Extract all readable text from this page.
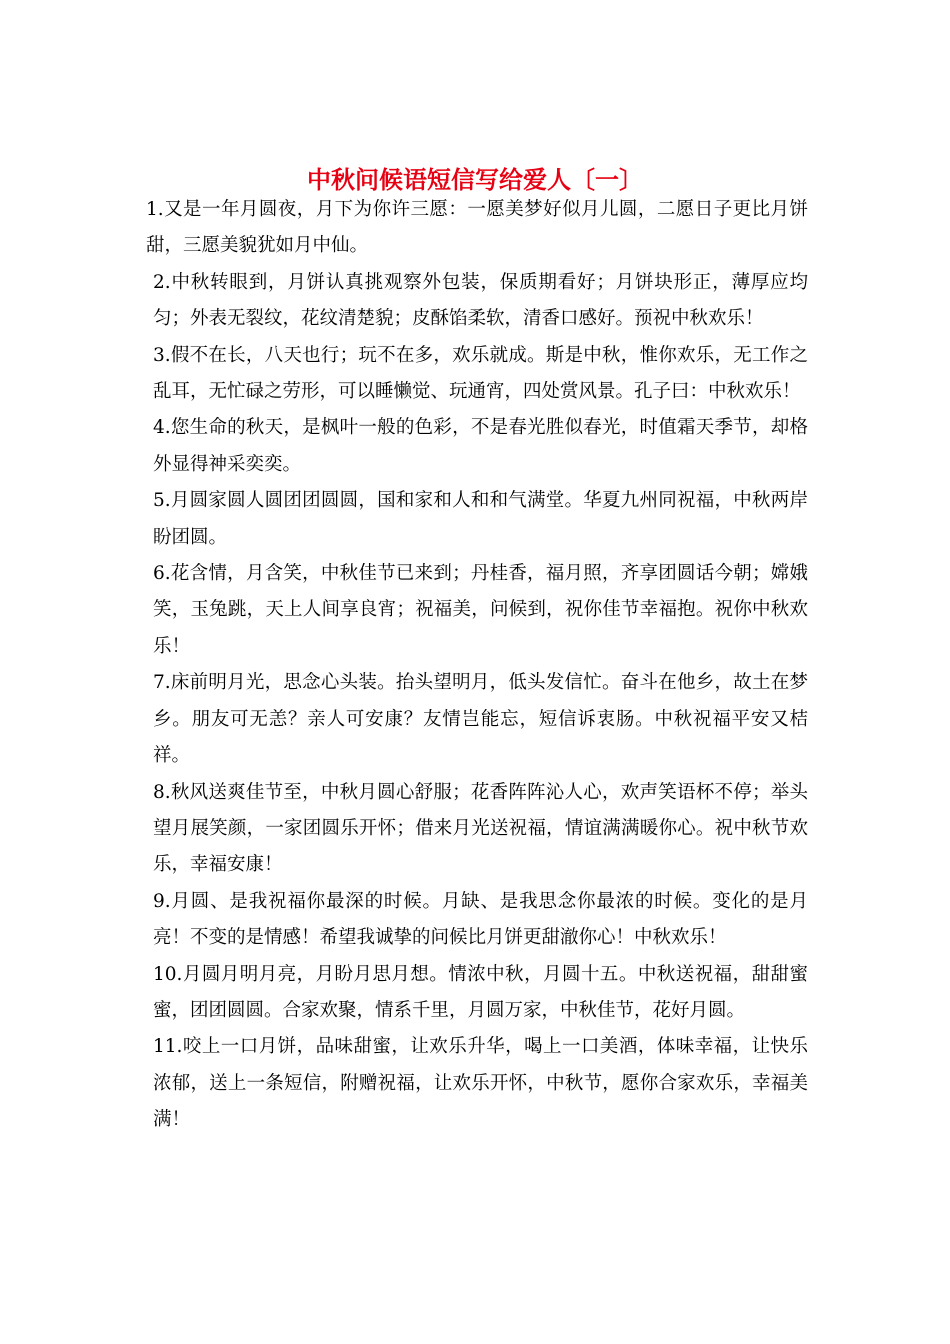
中秋问候语短信写给爱人〔一〕

1.又是一年月圆夜，月下为你许三愿：一愿美梦好似月儿圆，二愿日子更比月饼甜，三愿美貌犹如月中仙。

2.中秋转眼到，月饼认真挑观察外包装，保质期看好；月饼块形正，薄厚应均匀；外表无裂纹，花纹清楚貌；皮酥馅柔软，清香口感好。预祝中秋欢乐！

3.假不在长，八天也行；玩不在多，欢乐就成。斯是中秋，惟你欢乐，无工作之乱耳，无忙碌之劳形，可以睡懒觉、玩通宵，四处赏风景。孔子曰：中秋欢乐！

4.您生命的秋天，是枫叶一般的色彩，不是春光胜似春光，时值霜天季节，却格外显得神采奕奕。

5.月圆家圆人圆团团圆圆，国和家和人和和气满堂。华夏九州同祝福，中秋两岸盼团圆。

6.花含情，月含笑，中秋佳节已来到；丹桂香，福月照，齐享团圆话今朝；嫦娥笑，玉兔跳，天上人间享良宵；祝福美，问候到，祝你佳节幸福抱。祝你中秋欢乐！

7.床前明月光，思念心头装。抬头望明月，低头发信忙。奋斗在他乡，故土在梦乡。朋友可无恙？亲人可安康？友情岂能忘，短信诉衷肠。中秋祝福平安又桔祥。

8.秋风送爽佳节至，中秋月圆心舒服；花香阵阵沁人心，欢声笑语杯不停；举头望月展笑颜，一家团圆乐开怀；借来月光送祝福，情谊满满暖你心。祝中秋节欢乐，幸福安康！

9.月圆、是我祝福你最深的时候。月缺、是我思念你最浓的时候。变化的是月亮！不变的是情感！希望我诚挚的问候比月饼更甜澈你心！中秋欢乐！

10.月圆月明月亮，月盼月思月想。情浓中秋，月圆十五。中秋送祝福，甜甜蜜蜜，团团圆圆。合家欢聚，情系千里，月圆万家，中秋佳节，花好月圆。

11.咬上一口月饼，品味甜蜜，让欢乐升华，喝上一口美酒，体味幸福，让快乐浓郁，送上一条短信，附赠祝福，让欢乐开怀，中秋节，愿你合家欢乐，幸福美满！
